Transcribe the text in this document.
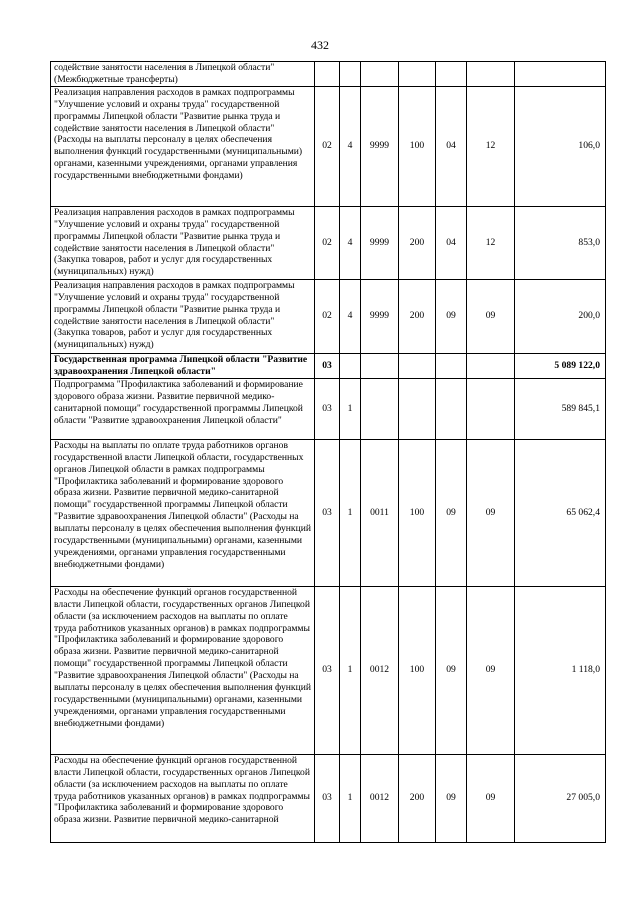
432
содействие занятости населения в Липецкой области" (Межбюджетные трансферты)							
Реализация направления расходов в рамках подпрограммы "Улучшение условий и охраны труда" государственной программы Липецкой области "Развитие рынка труда и содействие занятости населения в Липецкой области" (Расходы на выплаты персоналу в целях обеспечения выполнения функций государственными (муниципальными) органами, казенными учреждениями, органами управления государственными внебюджетными фондами)	02	4	9999	100	04	12	106,0
Реализация направления расходов в рамках подпрограммы "Улучшение условий и охраны труда" государственной программы Липецкой области "Развитие рынка труда и содействие занятости населения в Липецкой области" (Закупка товаров, работ и услуг для государственных (муниципальных) нужд)	02	4	9999	200	04	12	853,0
Реализация направления расходов в рамках подпрограммы "Улучшение условий и охраны труда" государственной программы Липецкой области "Развитие рынка труда и содействие занятости населения в Липецкой области" (Закупка товаров, работ и услуг для государственных (муниципальных) нужд)	02	4	9999	200	09	09	200,0
Государственная программа Липецкой области "Развитие здравоохранения Липецкой области"	03						5 089 122,0
Подпрограмма "Профилактика заболеваний и формирование здорового образа жизни. Развитие первичной медико-санитарной помощи" государственной программы Липецкой области "Развитие здравоохранения Липецкой области"	03	1					589 845,1
Расходы на выплаты по оплате труда работников органов государственной власти Липецкой области, государственных органов Липецкой области в рамках подпрограммы "Профилактика заболеваний и формирование здорового образа жизни. Развитие первичной медико-санитарной помощи" государственной программы Липецкой области "Развитие здравоохранения Липецкой области" (Расходы на выплаты персоналу в целях обеспечения выполнения функций государственными (муниципальными) органами, казенными учреждениями, органами управления государственными внебюджетными фондами)	03	1	0011	100	09	09	65 062,4
Расходы на обеспечение функций органов государственной власти Липецкой области, государственных органов Липецкой области (за исключением расходов на выплаты по оплате труда работников указанных органов) в рамках подпрограммы "Профилактика заболеваний и формирование здорового образа жизни. Развитие первичной медико-санитарной помощи" государственной программы Липецкой области "Развитие здравоохранения Липецкой области" (Расходы на выплаты персоналу в целях обеспечения выполнения функций государственными (муниципальными) органами, казенными учреждениями, органами управления государственными внебюджетными фондами)	03	1	0012	100	09	09	1 118,0
Расходы на обеспечение функций органов государственной власти Липецкой области, государственных органов Липецкой области (за исключением расходов на выплаты по оплате труда работников указанных органов) в рамках подпрограммы "Профилактика заболеваний и формирование здорового образа жизни. Развитие первичной медико-санитарной	03	1	0012	200	09	09	27 005,0
